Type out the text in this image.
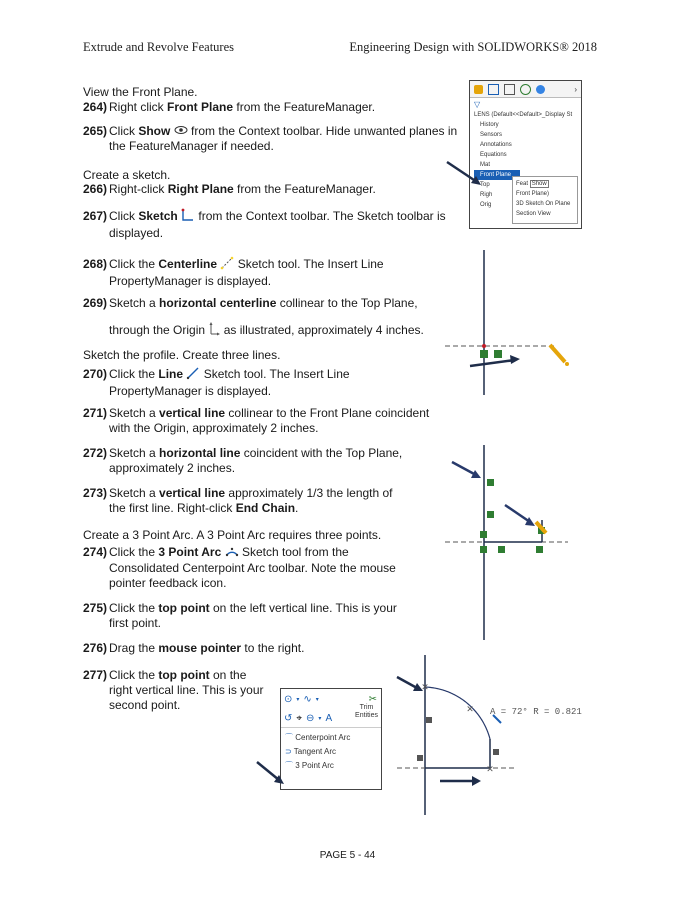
Extrude and Revolve Features	Engineering Design with SOLIDWORKS® 2018
View the Front Plane.
264) Right click Front Plane from the FeatureManager.
265) Click Show  from the Context toolbar. Hide unwanted planes in
the FeatureManager if needed.
Create a sketch.
266) Right-click Right Plane from the FeatureManager.
267) Click Sketch  from the Context toolbar. The Sketch toolbar is
displayed.
268) Click the Centerline  Sketch tool. The Insert Line
PropertyManager is displayed.
269) Sketch a horizontal centerline collinear to the Top Plane,
through the Origin  as illustrated, approximately 4 inches.
Sketch the profile. Create three lines.
270) Click the Line  Sketch tool. The Insert Line
PropertyManager is displayed.
271) Sketch a vertical line collinear to the Front Plane coincident
with the Origin, approximately 2 inches.
272) Sketch a horizontal line coincident with the Top Plane,
approximately 2 inches.
273) Sketch a vertical line approximately 1/3 the length of
the first line. Right-click End Chain.
Create a 3 Point Arc. A 3 Point Arc requires three points.
274) Click the 3 Point Arc  Sketch tool from the
Consolidated Centerpoint Arc toolbar. Note the mouse
pointer feedback icon.
275) Click the top point on the left vertical line. This is your
first point.
276) Drag the mouse pointer to the right.
277) Click the top point on the
right vertical line. This is your
second point.
›
▽
LENS (Default<<Default>_Display St
History
Sensors
Annotations
Equations
Mat
Front Plane
Top
Righ
Orig
Feat Show
Front Plane)
3D Sketch On Plane
Section View
⊙ ▾ ∿ ▾	✂
Trim
Entities
↺ ⌖ ⊖ ▾ A
⌒ Centerpoint Arc
⊃ Tangent Arc
⌒ 3 Point Arc
✕
✕
✕
A = 72° R = 0.821
PAGE 5 - 44
